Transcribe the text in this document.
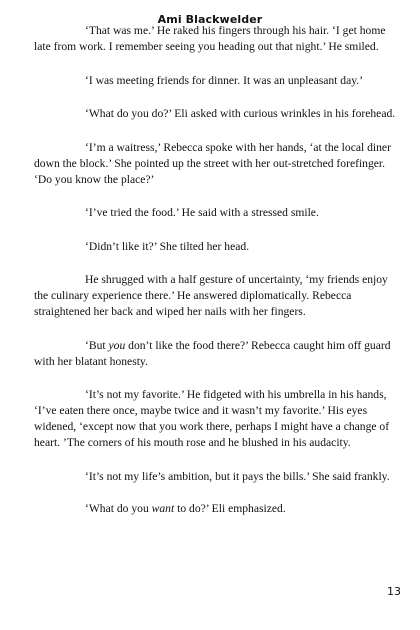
Ami Blackwelder

‘That was me.’ He raked his fingers through his hair. ‘I get home late from work. I remember seeing you heading out that night.’ He smiled.

‘I was meeting friends for dinner. It was an unpleasant day.’

‘What do you do?’ Eli asked with curious wrinkles in his forehead.

‘I’m a waitress,’ Rebecca spoke with her hands, ‘at the local diner down the block.’ She pointed up the street with her out-stretched forefinger. ‘Do you know the place?’

‘I’ve tried the food.’ He said with a stressed smile.

‘Didn’t like it?’ She tilted her head.

He shrugged with a half gesture of uncertainty, ‘my friends enjoy the culinary experience there.’ He answered diplomatically. Rebecca straightened her back and wiped her nails with her fingers.

‘But you don’t like the food there?’ Rebecca caught him off guard with her blatant honesty.

‘It’s not my favorite.’ He fidgeted with his umbrella in his hands, ‘I’ve eaten there once, maybe twice and it wasn’t my favorite.’ His eyes widened, ‘except now that you work there, perhaps I might have a change of heart. ’The corners of his mouth rose and he blushed in his audacity.

‘It’s not my life’s ambition, but it pays the bills.’ She said frankly.

‘What do you want to do?’ Eli emphasized.

13
